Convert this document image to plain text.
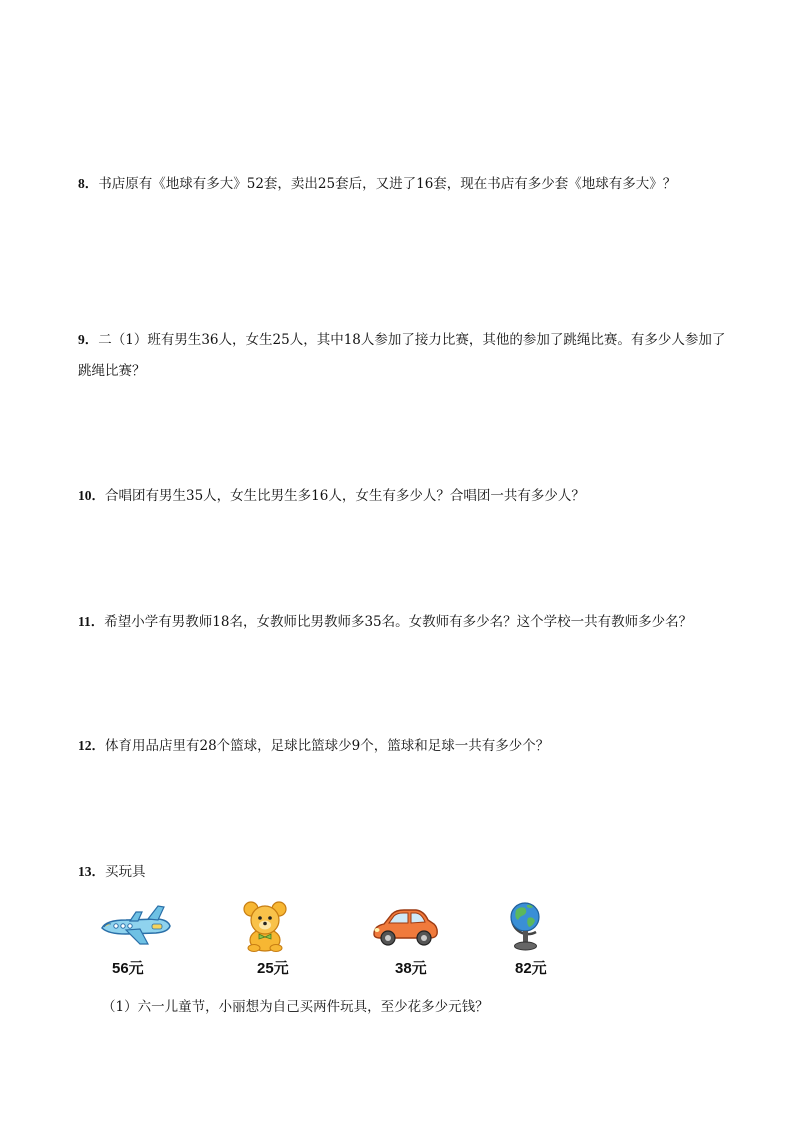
8．书店原有《地球有多大》52套，卖出25套后，又进了16套，现在书店有多少套《地球有多大》？
9．二（1）班有男生36人，女生25人，其中18人参加了接力比赛，其他的参加了跳绳比赛。有多少人参加了跳绳比赛？
10．合唱团有男生35人，女生比男生多16人，女生有多少人？合唱团一共有多少人？
11．希望小学有男教师18名，女教师比男教师多35名。女教师有多少名？这个学校一共有教师多少名？
12．体育用品店里有28个篮球，足球比篮球少9个，篮球和足球一共有多少个？
13．买玩具
56元	25元	38元	82元
（1）六一儿童节，小丽想为自己买两件玩具，至少花多少元钱？
